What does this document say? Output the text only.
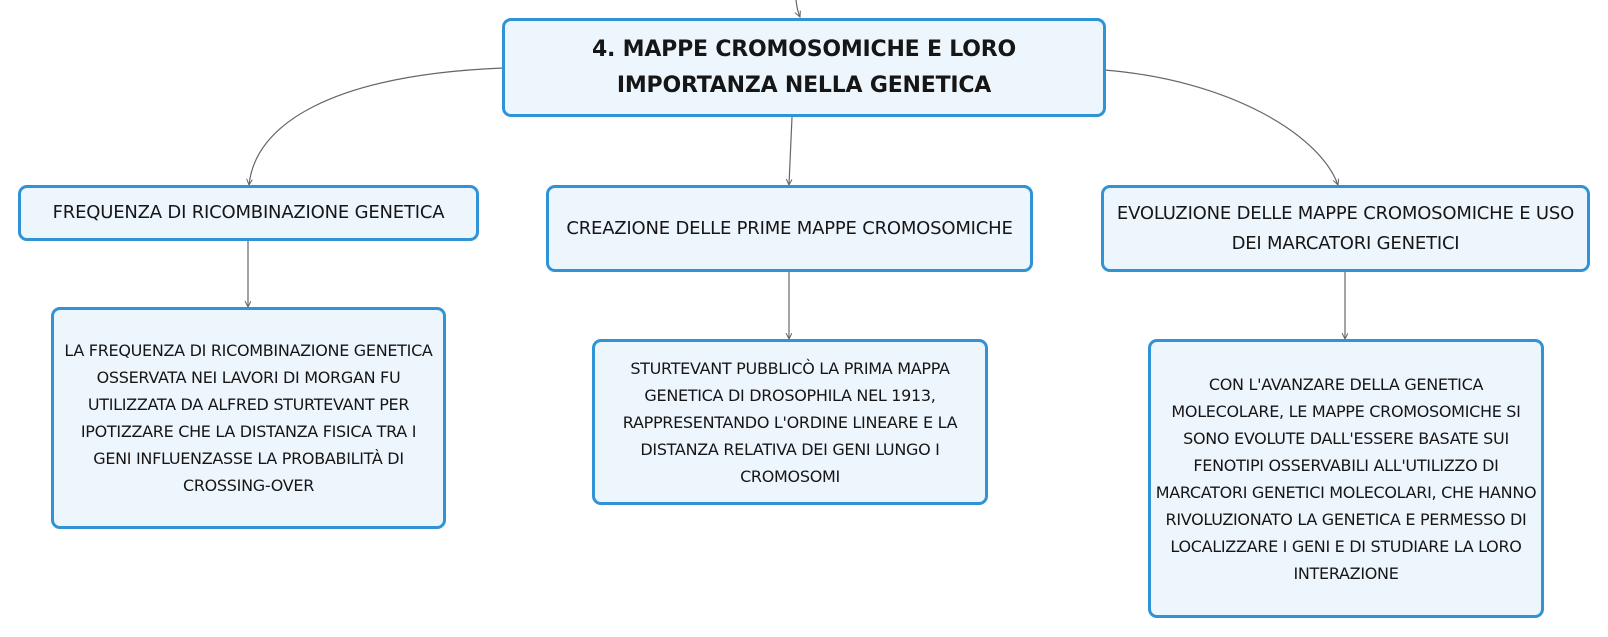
4. MAPPE CROMOSOMICHE E LORO IMPORTANZA NELLA GENETICA
FREQUENZA DI RICOMBINAZIONE GENETICA
CREAZIONE DELLE PRIME MAPPE CROMOSOMICHE
EVOLUZIONE DELLE MAPPE CROMOSOMICHE E USO DEI MARCATORI GENETICI
LA FREQUENZA DI RICOMBINAZIONE GENETICA OSSERVATA NEI LAVORI DI MORGAN FU UTILIZZATA DA ALFRED STURTEVANT PER IPOTIZZARE CHE LA DISTANZA FISICA TRA I GENI INFLUENZASSE LA PROBABILITÀ DI CROSSING-OVER
STURTEVANT PUBBLICÒ LA PRIMA MAPPA GENETICA DI DROSOPHILA NEL 1913, RAPPRESENTANDO L'ORDINE LINEARE E LA DISTANZA RELATIVA DEI GENI LUNGO I CROMOSOMI
CON L'AVANZARE DELLA GENETICA MOLECOLARE, LE MAPPE CROMOSOMICHE SI SONO EVOLUTE DALL'ESSERE BASATE SUI FENOTIPI OSSERVABILI ALL'UTILIZZO DI MARCATORI GENETICI MOLECOLARI, CHE HANNO RIVOLUZIONATO LA GENETICA E PERMESSO DI LOCALIZZARE I GENI E DI STUDIARE LA LORO INTERAZIONE
